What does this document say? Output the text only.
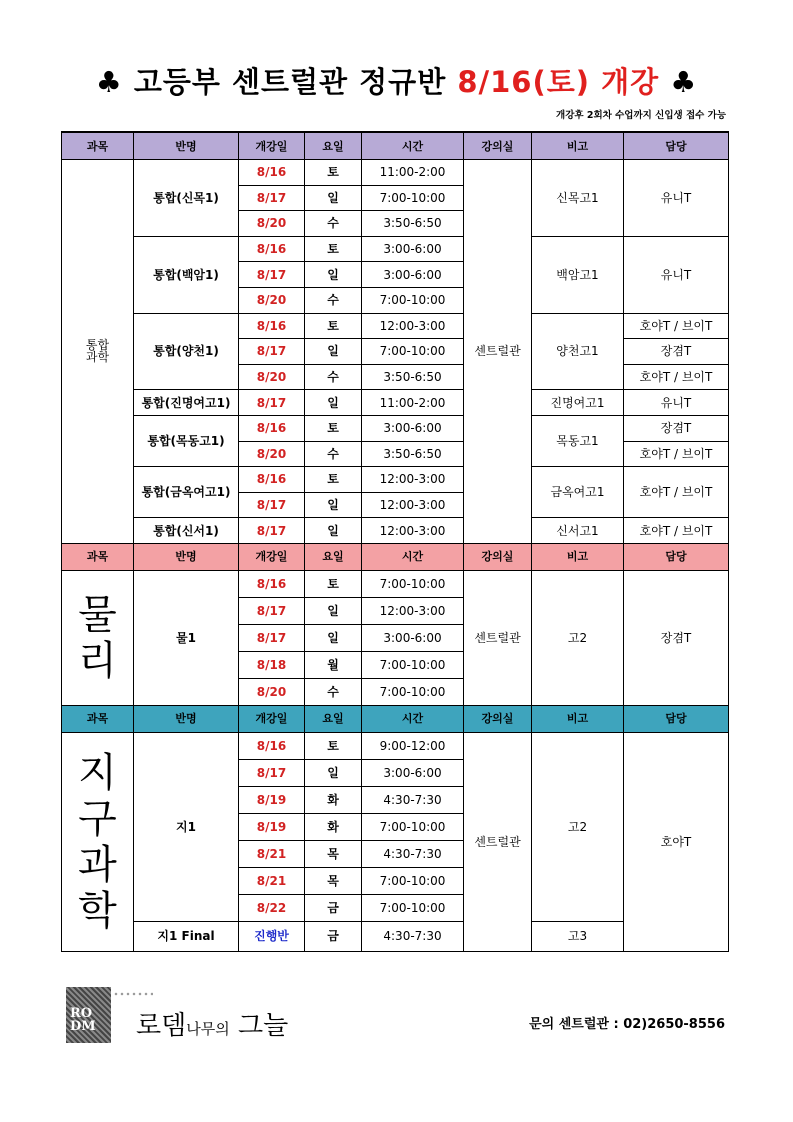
♣ 고등부 센트럴관 정규반 8/16(토) 개강 ♣
개강후 2회차 수업까지 신입생 접수 가능
과목	반명	개강일	요일	시간	강의실	비고	담당
통합
과학	통합(신목1)	8/16	토	11:00-2:00	센트럴관	신목고1	유니T
		8/17	일	7:00-10:00			
		8/20	수	3:50-6:50			
	통합(백암1)	8/16	토	3:00-6:00		백암고1	유니T
		8/17	일	3:00-6:00			
		8/20	수	7:00-10:00			
	통합(양천1)	8/16	토	12:00-3:00		양천고1	호야T / 브이T
		8/17	일	7:00-10:00			장겸T
		8/20	수	3:50-6:50			호야T / 브이T
	통합(진명여고1)	8/17	일	11:00-2:00		진명여고1	유니T
	통합(목동고1)	8/16	토	3:00-6:00		목동고1	장겸T
		8/20	수	3:50-6:50			호야T / 브이T
	통합(금옥여고1)	8/16	토	12:00-3:00		금옥여고1	호야T / 브이T
		8/17	일	12:00-3:00			
	통합(신서1)	8/17	일	12:00-3:00		신서고1	호야T / 브이T
과목	반명	개강일	요일	시간	강의실	비고	담당
물
리	물1	8/16	토	7:00-10:00	센트럴관	고2	장겸T
		8/17	일	12:00-3:00			
		8/17	일	3:00-6:00			
		8/18	월	7:00-10:00			
		8/20	수	7:00-10:00			
과목	반명	개강일	요일	시간	강의실	비고	담당
지
구
과
학	지1	8/16	토	9:00-12:00	센트럴관	고2	호야T
		8/17	일	3:00-6:00			
		8/19	화	4:30-7:30			
		8/19	화	7:00-10:00			
		8/21	목	4:30-7:30			
		8/21	목	7:00-10:00			
		8/22	금	7:00-10:00			
	지1 Final	진행반	금	4:30-7:30		고3	
RO
DM 로뎀나무의 그늘	문의 센트럴관 : 02)2650-8556
